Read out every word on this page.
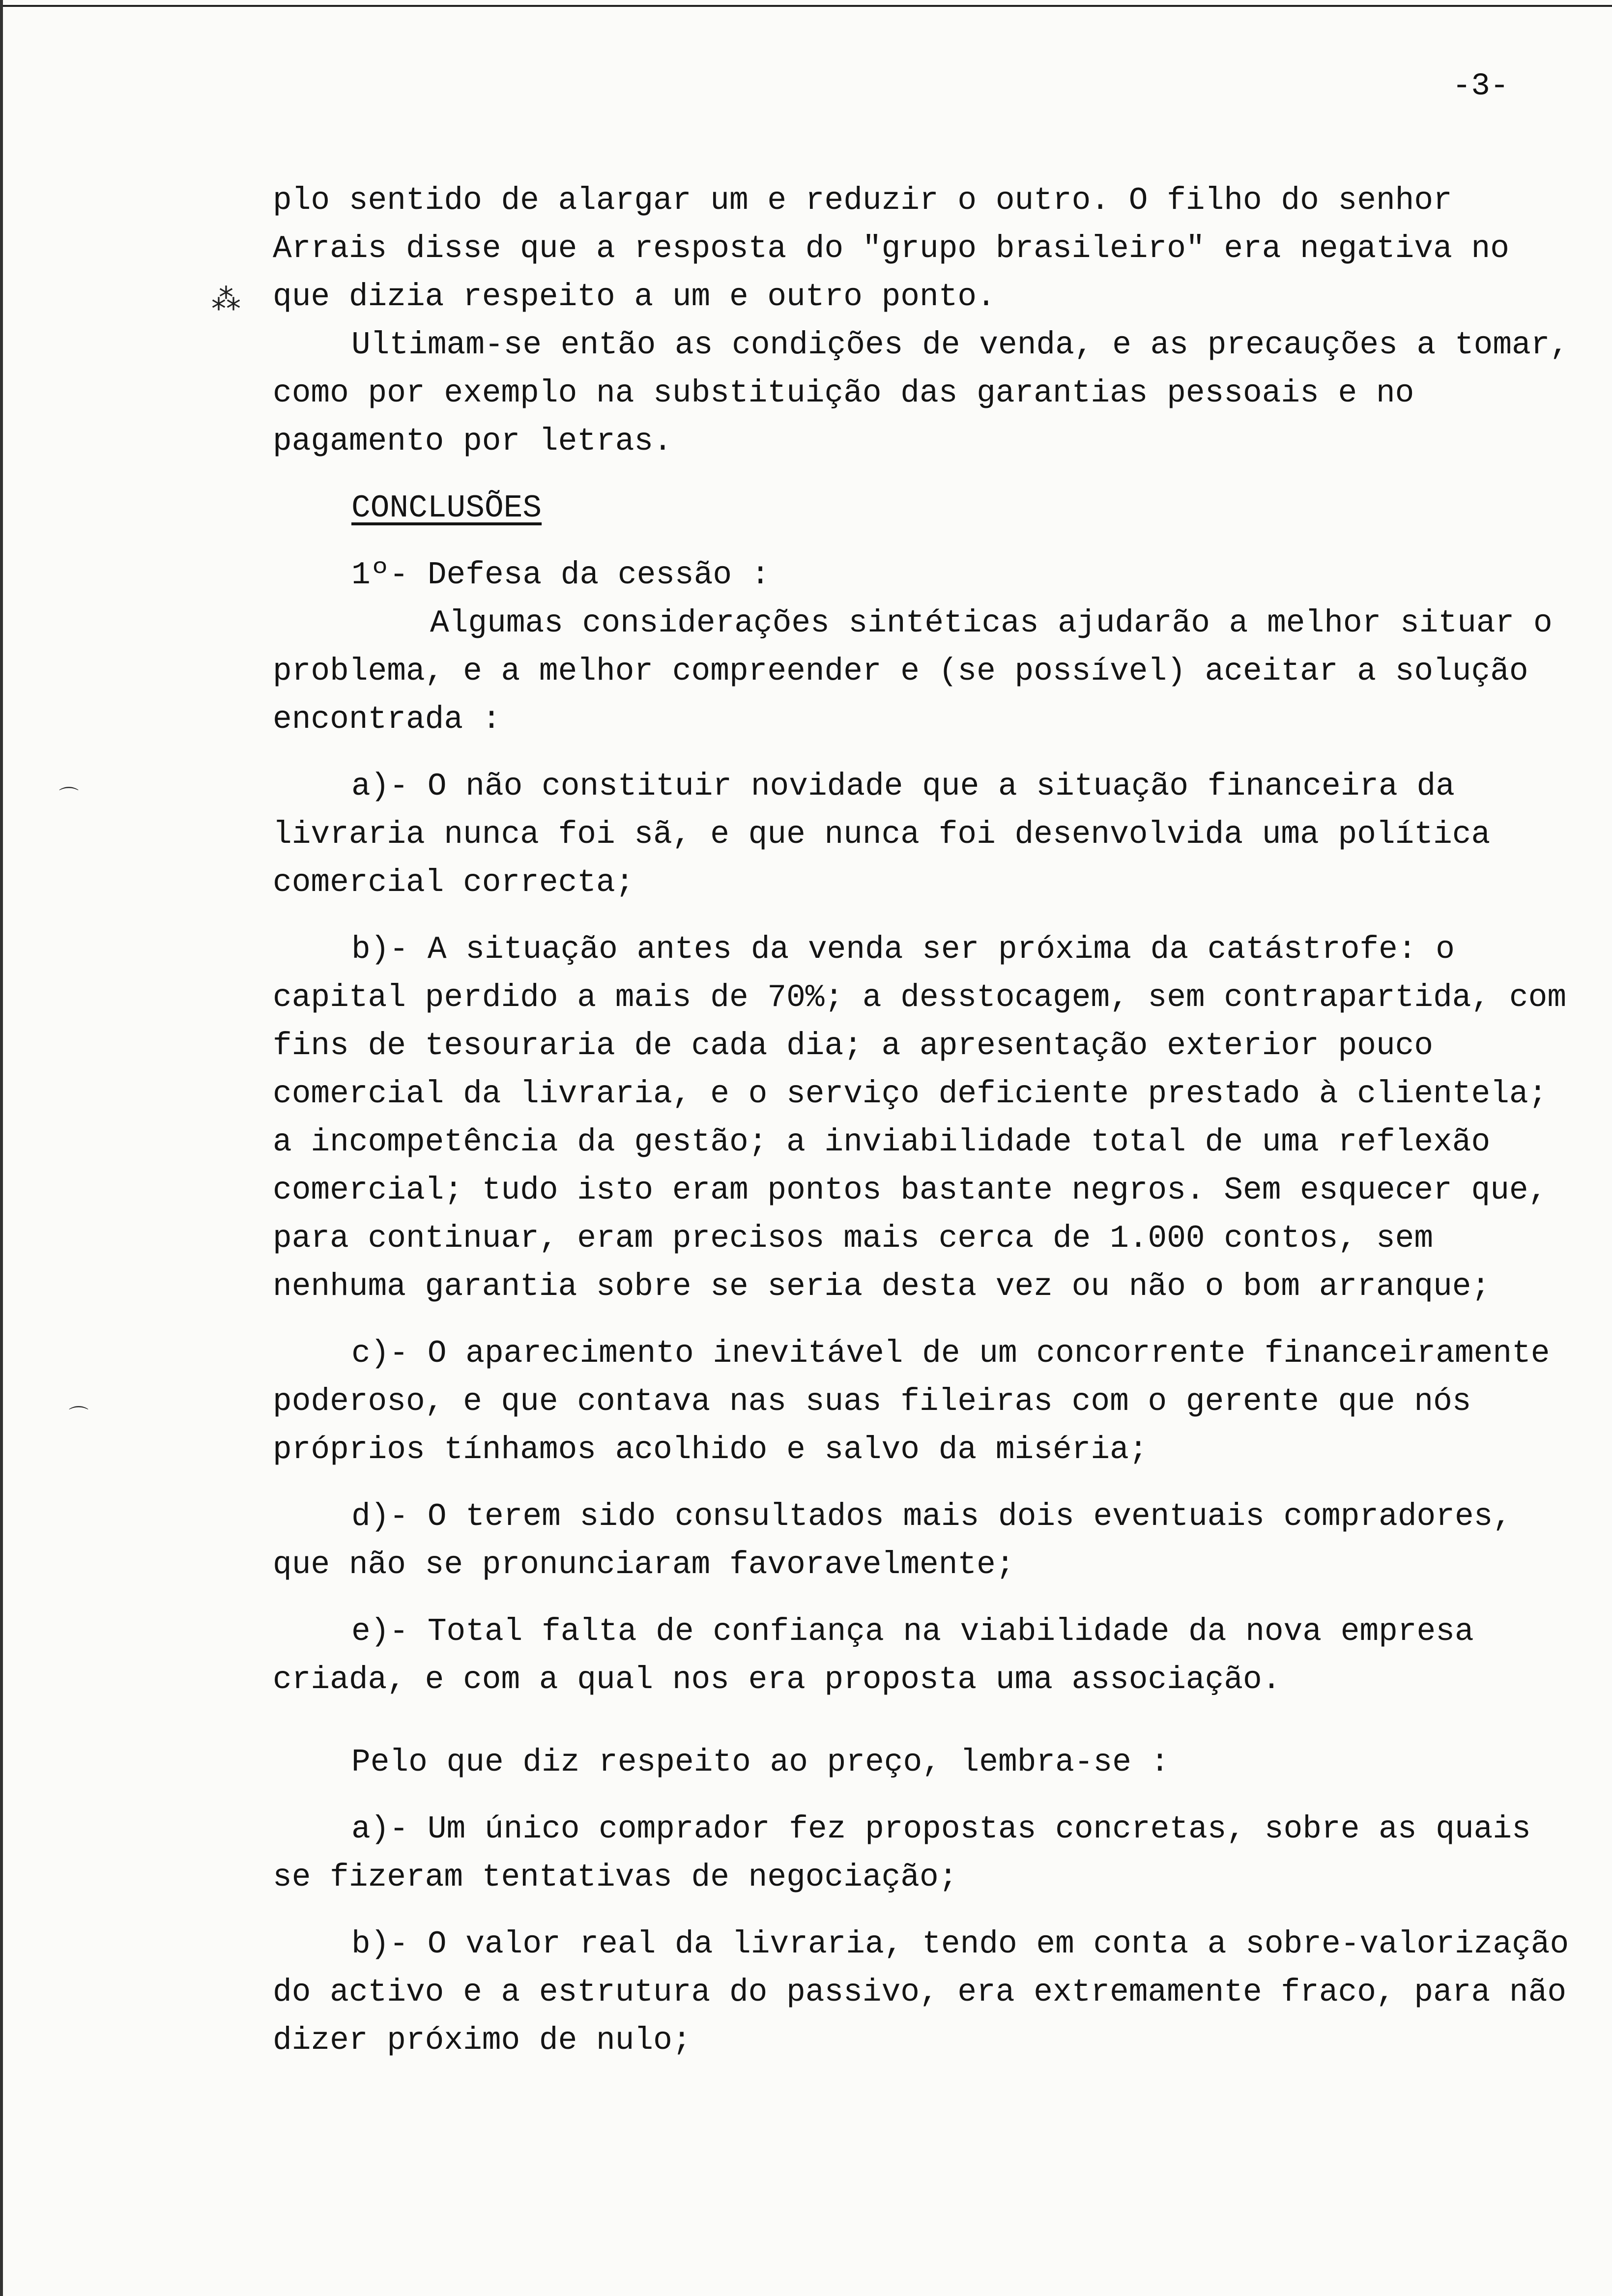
-3-
⁂
⌒
⌒

plo sentido de alargar um e reduzir o outro. O filho do senhor Arrais disse que a resposta do "grupo brasileiro" era negativa no que dizia respeito a um e outro ponto.

Ultimam-se então as condições de venda, e as precauções a tomar, como por exemplo na substituição das garantias pessoais e no pagamento por letras.

CONCLUSÕES

1º- Defesa da cessão :

Algumas considerações sintéticas ajudarão a melhor situar o problema, e a melhor compreender e (se possível) aceitar a solução encontrada :

a)- O não constituir novidade que a situação financeira da livraria nunca foi sã, e que nunca foi desenvolvida uma política comercial correcta;

b)- A situação antes da venda ser próxima da catástrofe: o capital perdido a mais de 70%; a desstocagem, sem contrapartida, com fins de tesouraria de cada dia; a apresentação exterior pouco comercial da livraria, e o serviço deficiente prestado à clientela; a incompetência da gestão; a inviabilidade total de uma reflexão comercial; tudo isto eram pontos bastante negros. Sem esquecer que, para continuar, eram precisos mais cerca de 1.000 contos, sem nenhuma garantia sobre se seria desta vez ou não o bom arranque;

c)- O aparecimento inevitável de um concorrente financeiramente poderoso, e que contava nas suas fileiras com o gerente que nós próprios tínhamos acolhido e salvo da miséria;

d)- O terem sido consultados mais dois eventuais compradores, que não se pronunciaram favoravelmente;

e)- Total falta de confiança na viabilidade da nova empresa criada, e com a qual nos era proposta uma associação.

Pelo que diz respeito ao preço, lembra-se :

a)- Um único comprador fez propostas concretas, sobre as quais se fizeram tentativas de negociação;

b)- O valor real da livraria, tendo em conta a sobre-valorização do activo e a estrutura do passivo, era extremamente fraco, para não dizer próximo de nulo;
